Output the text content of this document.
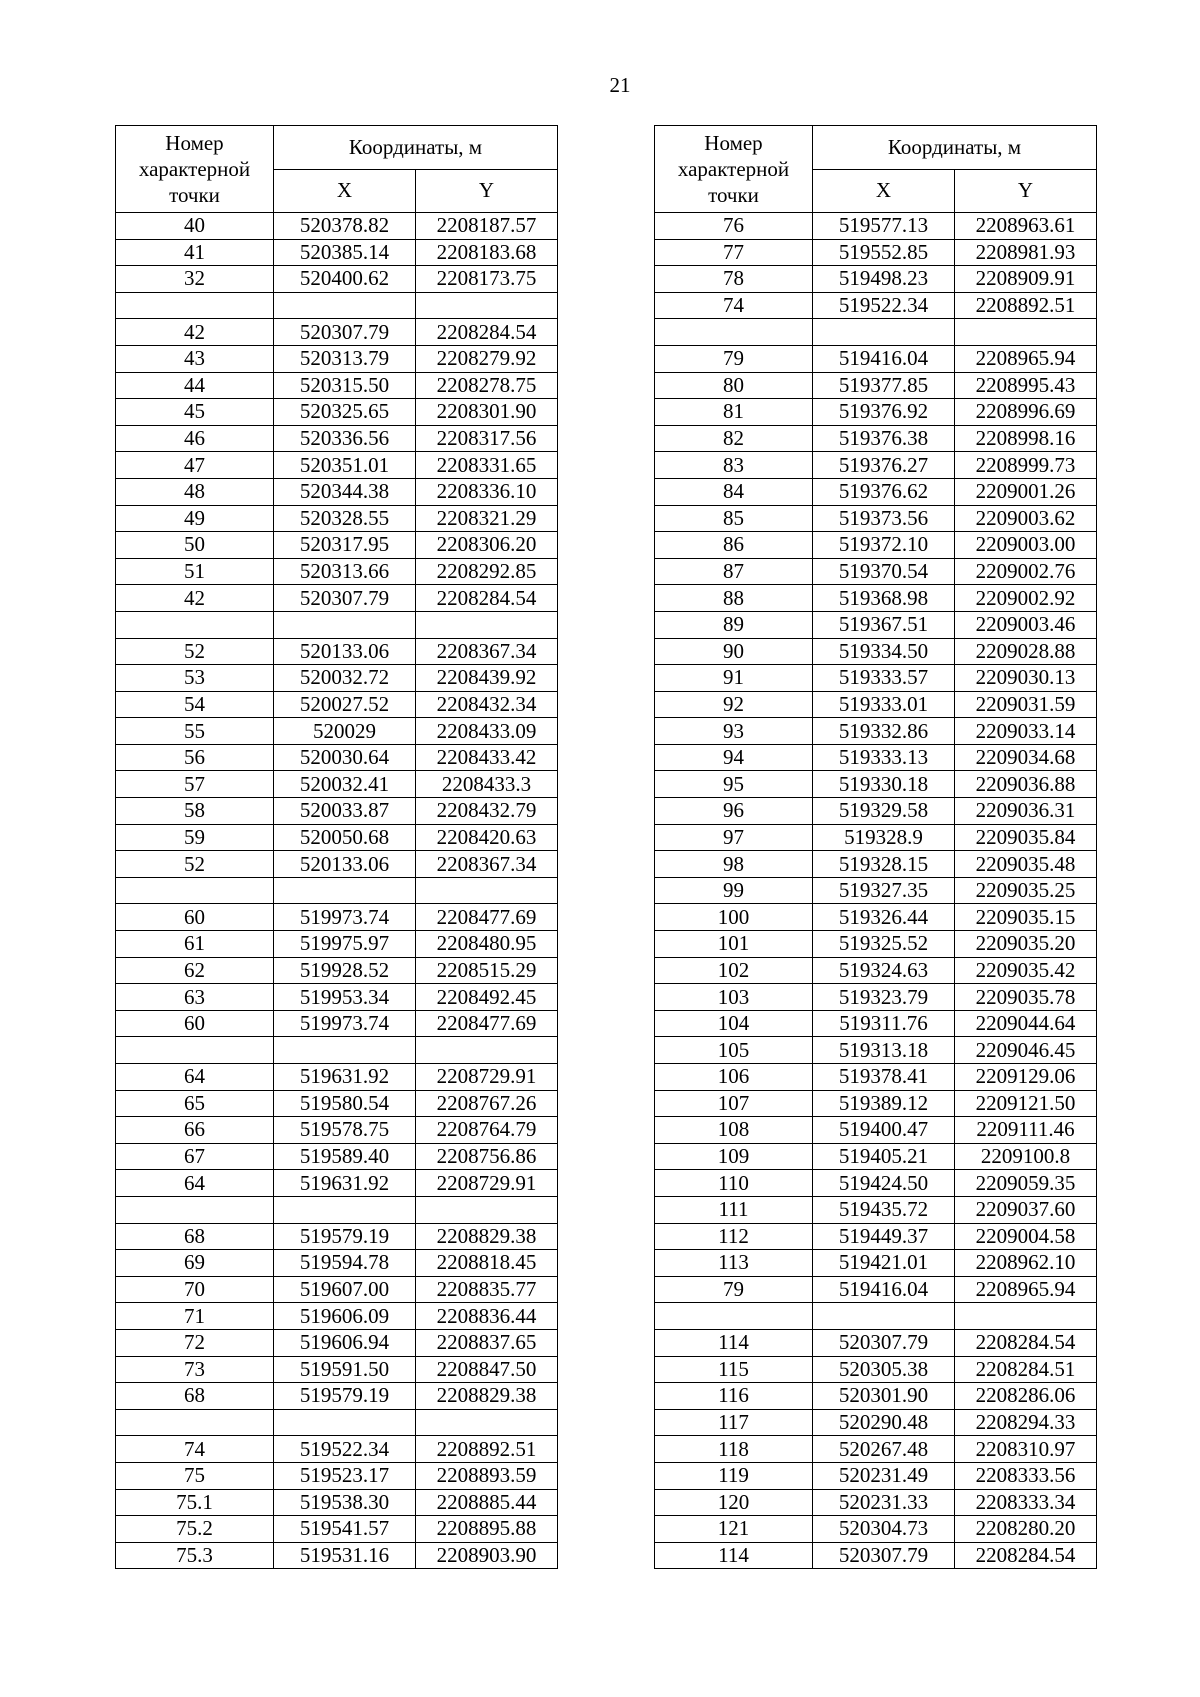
21
Номер характерной точки	Координаты, м	
	X	Y
40	520378.82	2208187.57
41	520385.14	2208183.68
32	520400.62	2208173.75

42	520307.79	2208284.54
43	520313.79	2208279.92
44	520315.50	2208278.75
45	520325.65	2208301.90
46	520336.56	2208317.56
47	520351.01	2208331.65
48	520344.38	2208336.10
49	520328.55	2208321.29
50	520317.95	2208306.20
51	520313.66	2208292.85
42	520307.79	2208284.54

52	520133.06	2208367.34
53	520032.72	2208439.92
54	520027.52	2208432.34
55	520029	2208433.09
56	520030.64	2208433.42
57	520032.41	2208433.3
58	520033.87	2208432.79
59	520050.68	2208420.63
52	520133.06	2208367.34

60	519973.74	2208477.69
61	519975.97	2208480.95
62	519928.52	2208515.29
63	519953.34	2208492.45
60	519973.74	2208477.69

64	519631.92	2208729.91
65	519580.54	2208767.26
66	519578.75	2208764.79
67	519589.40	2208756.86
64	519631.92	2208729.91

68	519579.19	2208829.38
69	519594.78	2208818.45
70	519607.00	2208835.77
71	519606.09	2208836.44
72	519606.94	2208837.65
73	519591.50	2208847.50
68	519579.19	2208829.38

74	519522.34	2208892.51
75	519523.17	2208893.59
75.1	519538.30	2208885.44
75.2	519541.57	2208895.88
75.3	519531.16	2208903.90
Номер характерной точки	Координаты, м	
	X	Y
76	519577.13	2208963.61
77	519552.85	2208981.93
78	519498.23	2208909.91
74	519522.34	2208892.51

79	519416.04	2208965.94
80	519377.85	2208995.43
81	519376.92	2208996.69
82	519376.38	2208998.16
83	519376.27	2208999.73
84	519376.62	2209001.26
85	519373.56	2209003.62
86	519372.10	2209003.00
87	519370.54	2209002.76
88	519368.98	2209002.92
89	519367.51	2209003.46
90	519334.50	2209028.88
91	519333.57	2209030.13
92	519333.01	2209031.59
93	519332.86	2209033.14
94	519333.13	2209034.68
95	519330.18	2209036.88
96	519329.58	2209036.31
97	519328.9	2209035.84
98	519328.15	2209035.48
99	519327.35	2209035.25
100	519326.44	2209035.15
101	519325.52	2209035.20
102	519324.63	2209035.42
103	519323.79	2209035.78
104	519311.76	2209044.64
105	519313.18	2209046.45
106	519378.41	2209129.06
107	519389.12	2209121.50
108	519400.47	2209111.46
109	519405.21	2209100.8
110	519424.50	2209059.35
111	519435.72	2209037.60
112	519449.37	2209004.58
113	519421.01	2208962.10
79	519416.04	2208965.94

114	520307.79	2208284.54
115	520305.38	2208284.51
116	520301.90	2208286.06
117	520290.48	2208294.33
118	520267.48	2208310.97
119	520231.49	2208333.56
120	520231.33	2208333.34
121	520304.73	2208280.20
114	520307.79	2208284.54
